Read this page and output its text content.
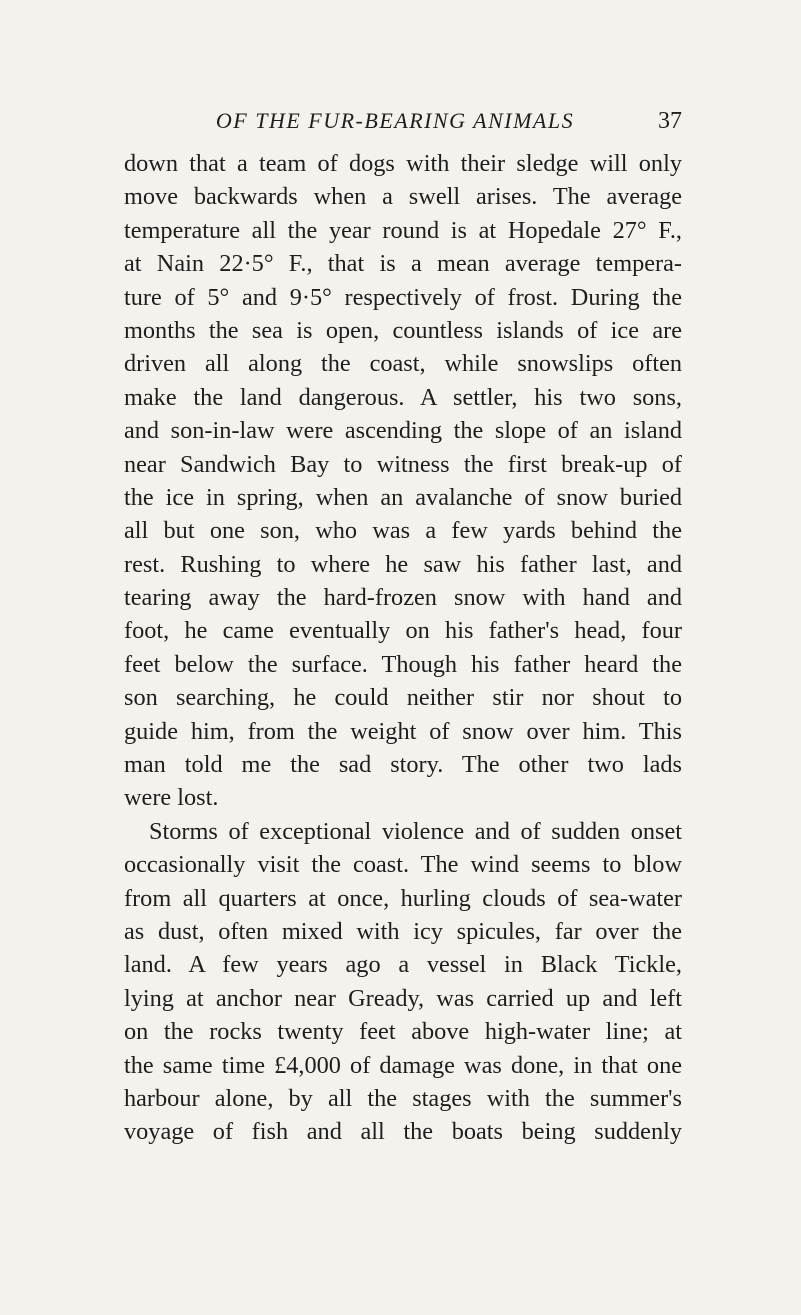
OF THE FUR-BEARING ANIMALS	37
down that a team of dogs with their sledge will only
move backwards when a swell arises. The average
temperature all the year round is at Hopedale 27° F.,
at Nain 22·5° F., that is a mean average tempera-
ture of 5° and 9·5° respectively of frost. During the
months the sea is open, countless islands of ice are
driven all along the coast, while snowslips often
make the land dangerous. A settler, his two sons,
and son-in-law were ascending the slope of an island
near Sandwich Bay to witness the first break-up of
the ice in spring, when an avalanche of snow buried
all but one son, who was a few yards behind the
rest. Rushing to where he saw his father last, and
tearing away the hard-frozen snow with hand and
foot, he came eventually on his father's head, four
feet below the surface. Though his father heard the
son searching, he could neither stir nor shout to
guide him, from the weight of snow over him. This
man told me the sad story. The other two lads
were lost.
Storms of exceptional violence and of sudden onset
occasionally visit the coast. The wind seems to blow
from all quarters at once, hurling clouds of sea-water
as dust, often mixed with icy spicules, far over the
land. A few years ago a vessel in Black Tickle,
lying at anchor near Gready, was carried up and left
on the rocks twenty feet above high-water line; at
the same time £4,000 of damage was done, in that one
harbour alone, by all the stages with the summer's
voyage of fish and all the boats being suddenly
